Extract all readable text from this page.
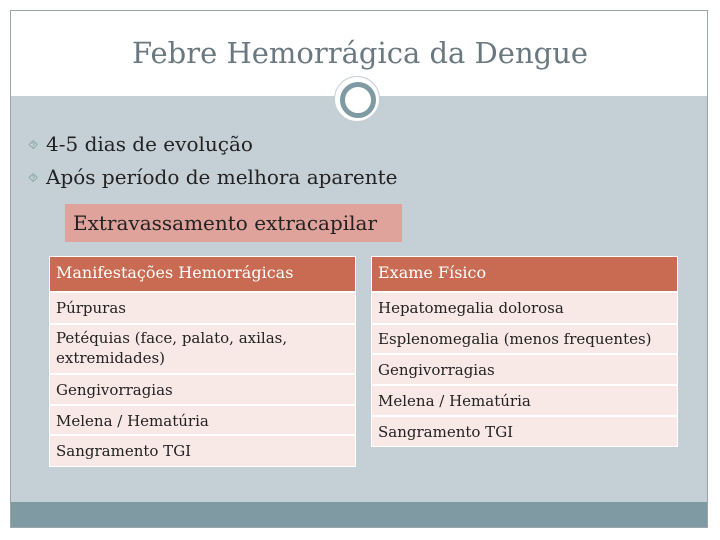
Febre Hemorrágica da Dengue
⯑ 4-5 dias de evolução
⯑ Após período de melhora aparente
Extravassamento extracapilar
Manifestações Hemorrágicas
Púrpuras
Petéquias (face, palato, axilas, extremidades)
Gengivorragias
Melena / Hematúria
Sangramento TGI
Exame Físico
Hepatomegalia dolorosa
Esplenomegalia (menos frequentes)
Gengivorragias
Melena / Hematúria
Sangramento TGI
